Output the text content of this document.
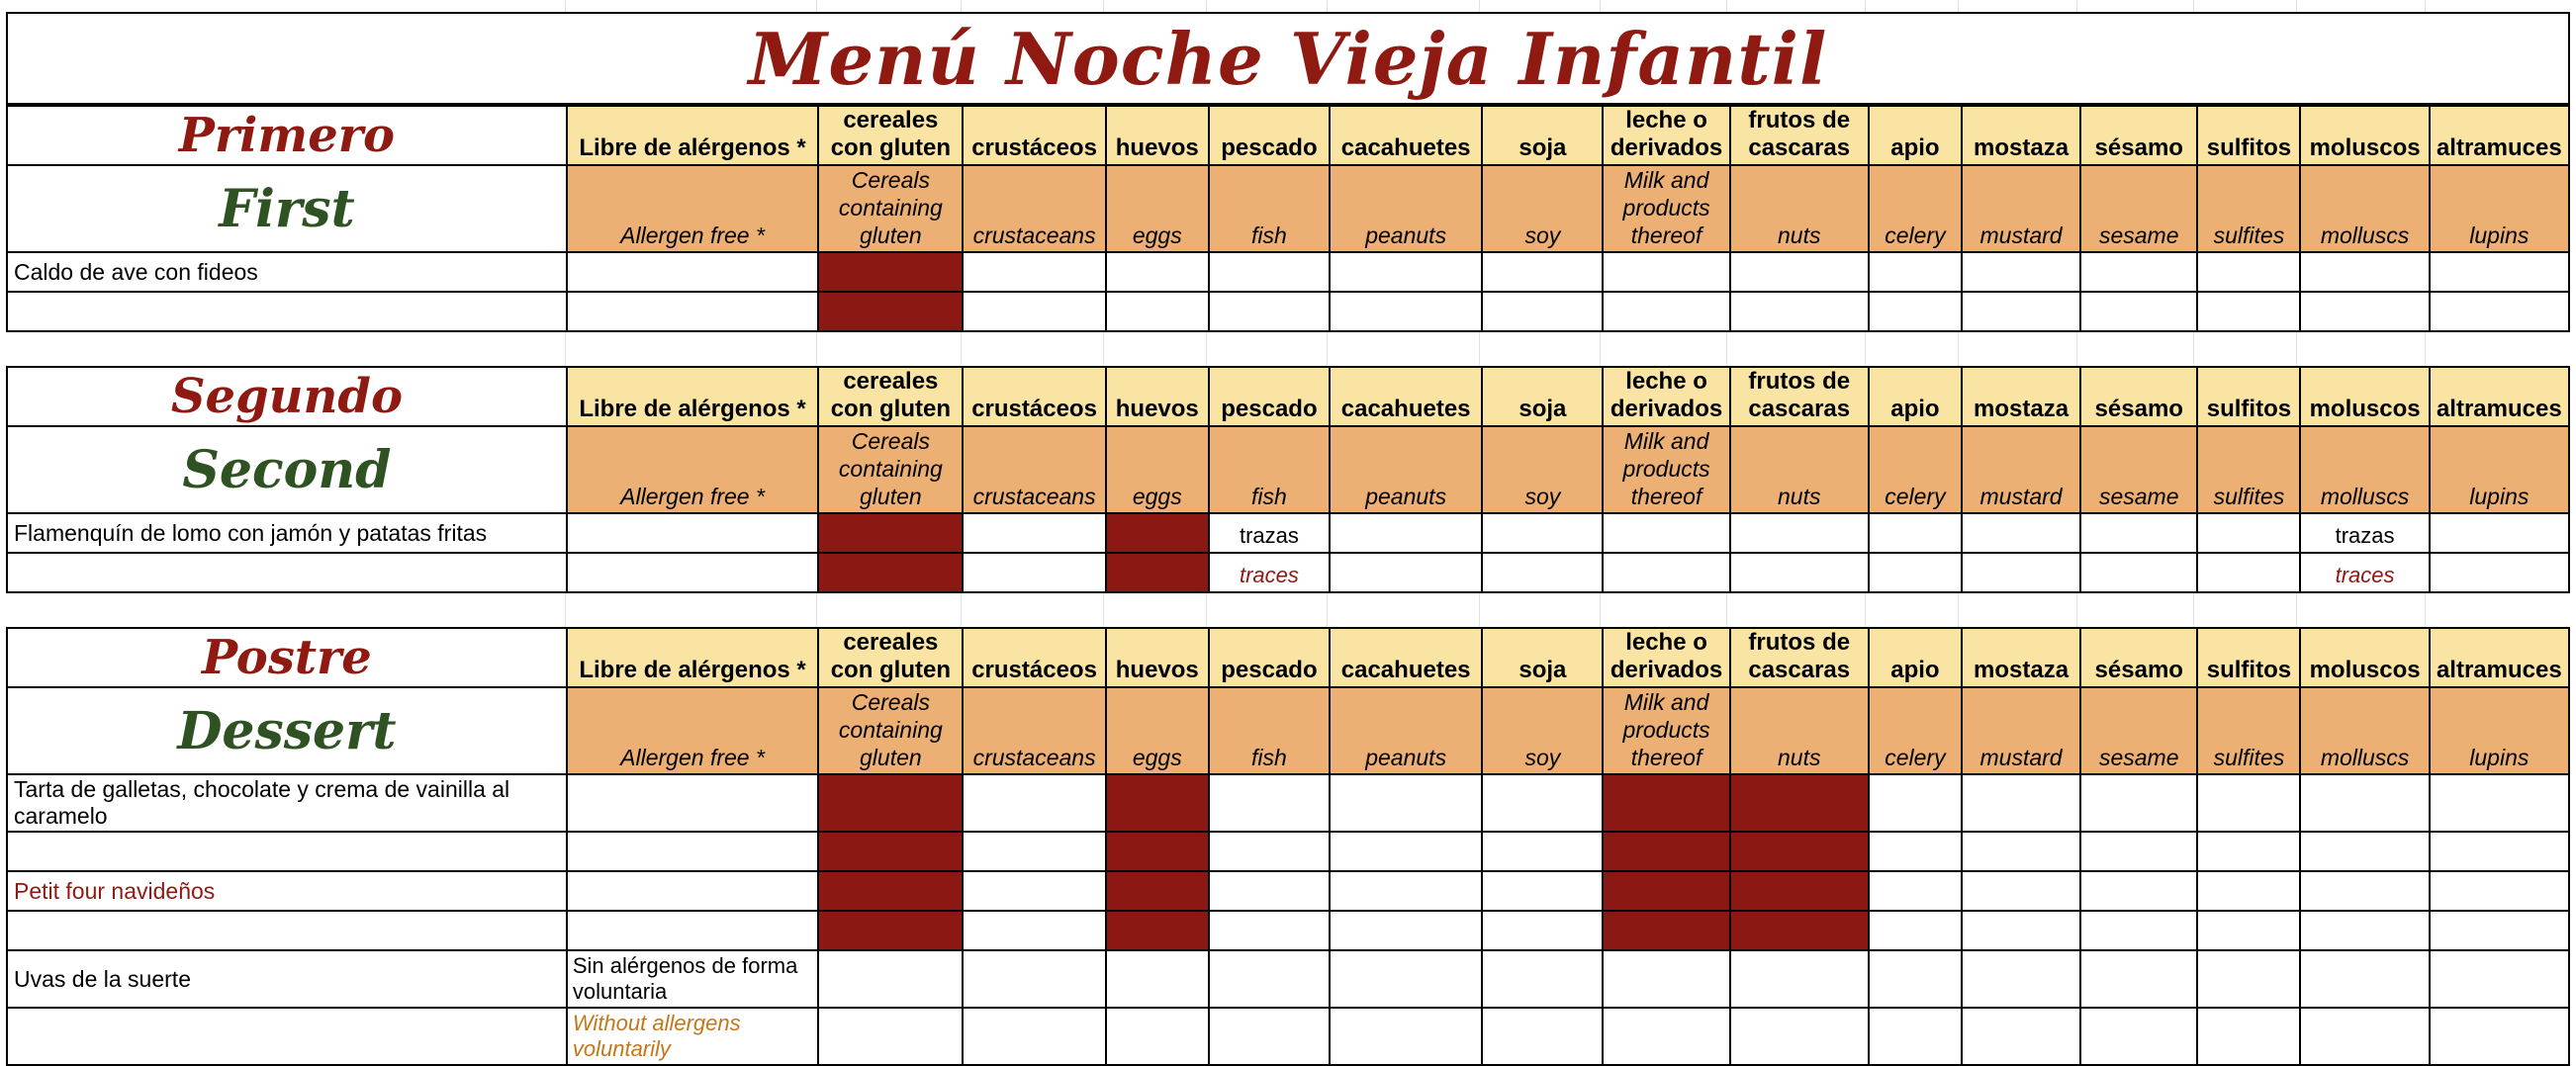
Menú Noche Vieja Infantil
Primero	Libre de alérgenos *	cereales con gluten	crustáceos	huevos	pescado	cacahuetes	soja	leche o derivados	frutos de cascaras	apio	mostaza	sésamo	sulfitos	moluscos	altramuces
First	Allergen free *	Cereals containing gluten	crustaceans	eggs	fish	peanuts	soy	Milk and products thereof	nuts	celery	mustard	sesame	sulfites	molluscs	lupins
Caldo de ave con fideos															

Segundo	Libre de alérgenos *	cereales con gluten	crustáceos	huevos	pescado	cacahuetes	soja	leche o derivados	frutos de cascaras	apio	mostaza	sésamo	sulfitos	moluscos	altramuces
Second	Allergen free *	Cereals containing gluten	crustaceans	eggs	fish	peanuts	soy	Milk and products thereof	nuts	celery	mustard	sesame	sulfites	molluscs	lupins
Flamenquín de lomo con jamón y patatas fritas					trazas									trazas	
					traces									traces	
Postre	Libre de alérgenos *	cereales con gluten	crustáceos	huevos	pescado	cacahuetes	soja	leche o derivados	frutos de cascaras	apio	mostaza	sésamo	sulfitos	moluscos	altramuces
Dessert	Allergen free *	Cereals containing gluten	crustaceans	eggs	fish	peanuts	soy	Milk and products thereof	nuts	celery	mustard	sesame	sulfites	molluscs	lupins
Tarta de galletas, chocolate y crema de vainilla al caramelo															

Petit four navideños															

Uvas de la suerte	Sin alérgenos de forma voluntaria														
	Without allergens voluntarily														
